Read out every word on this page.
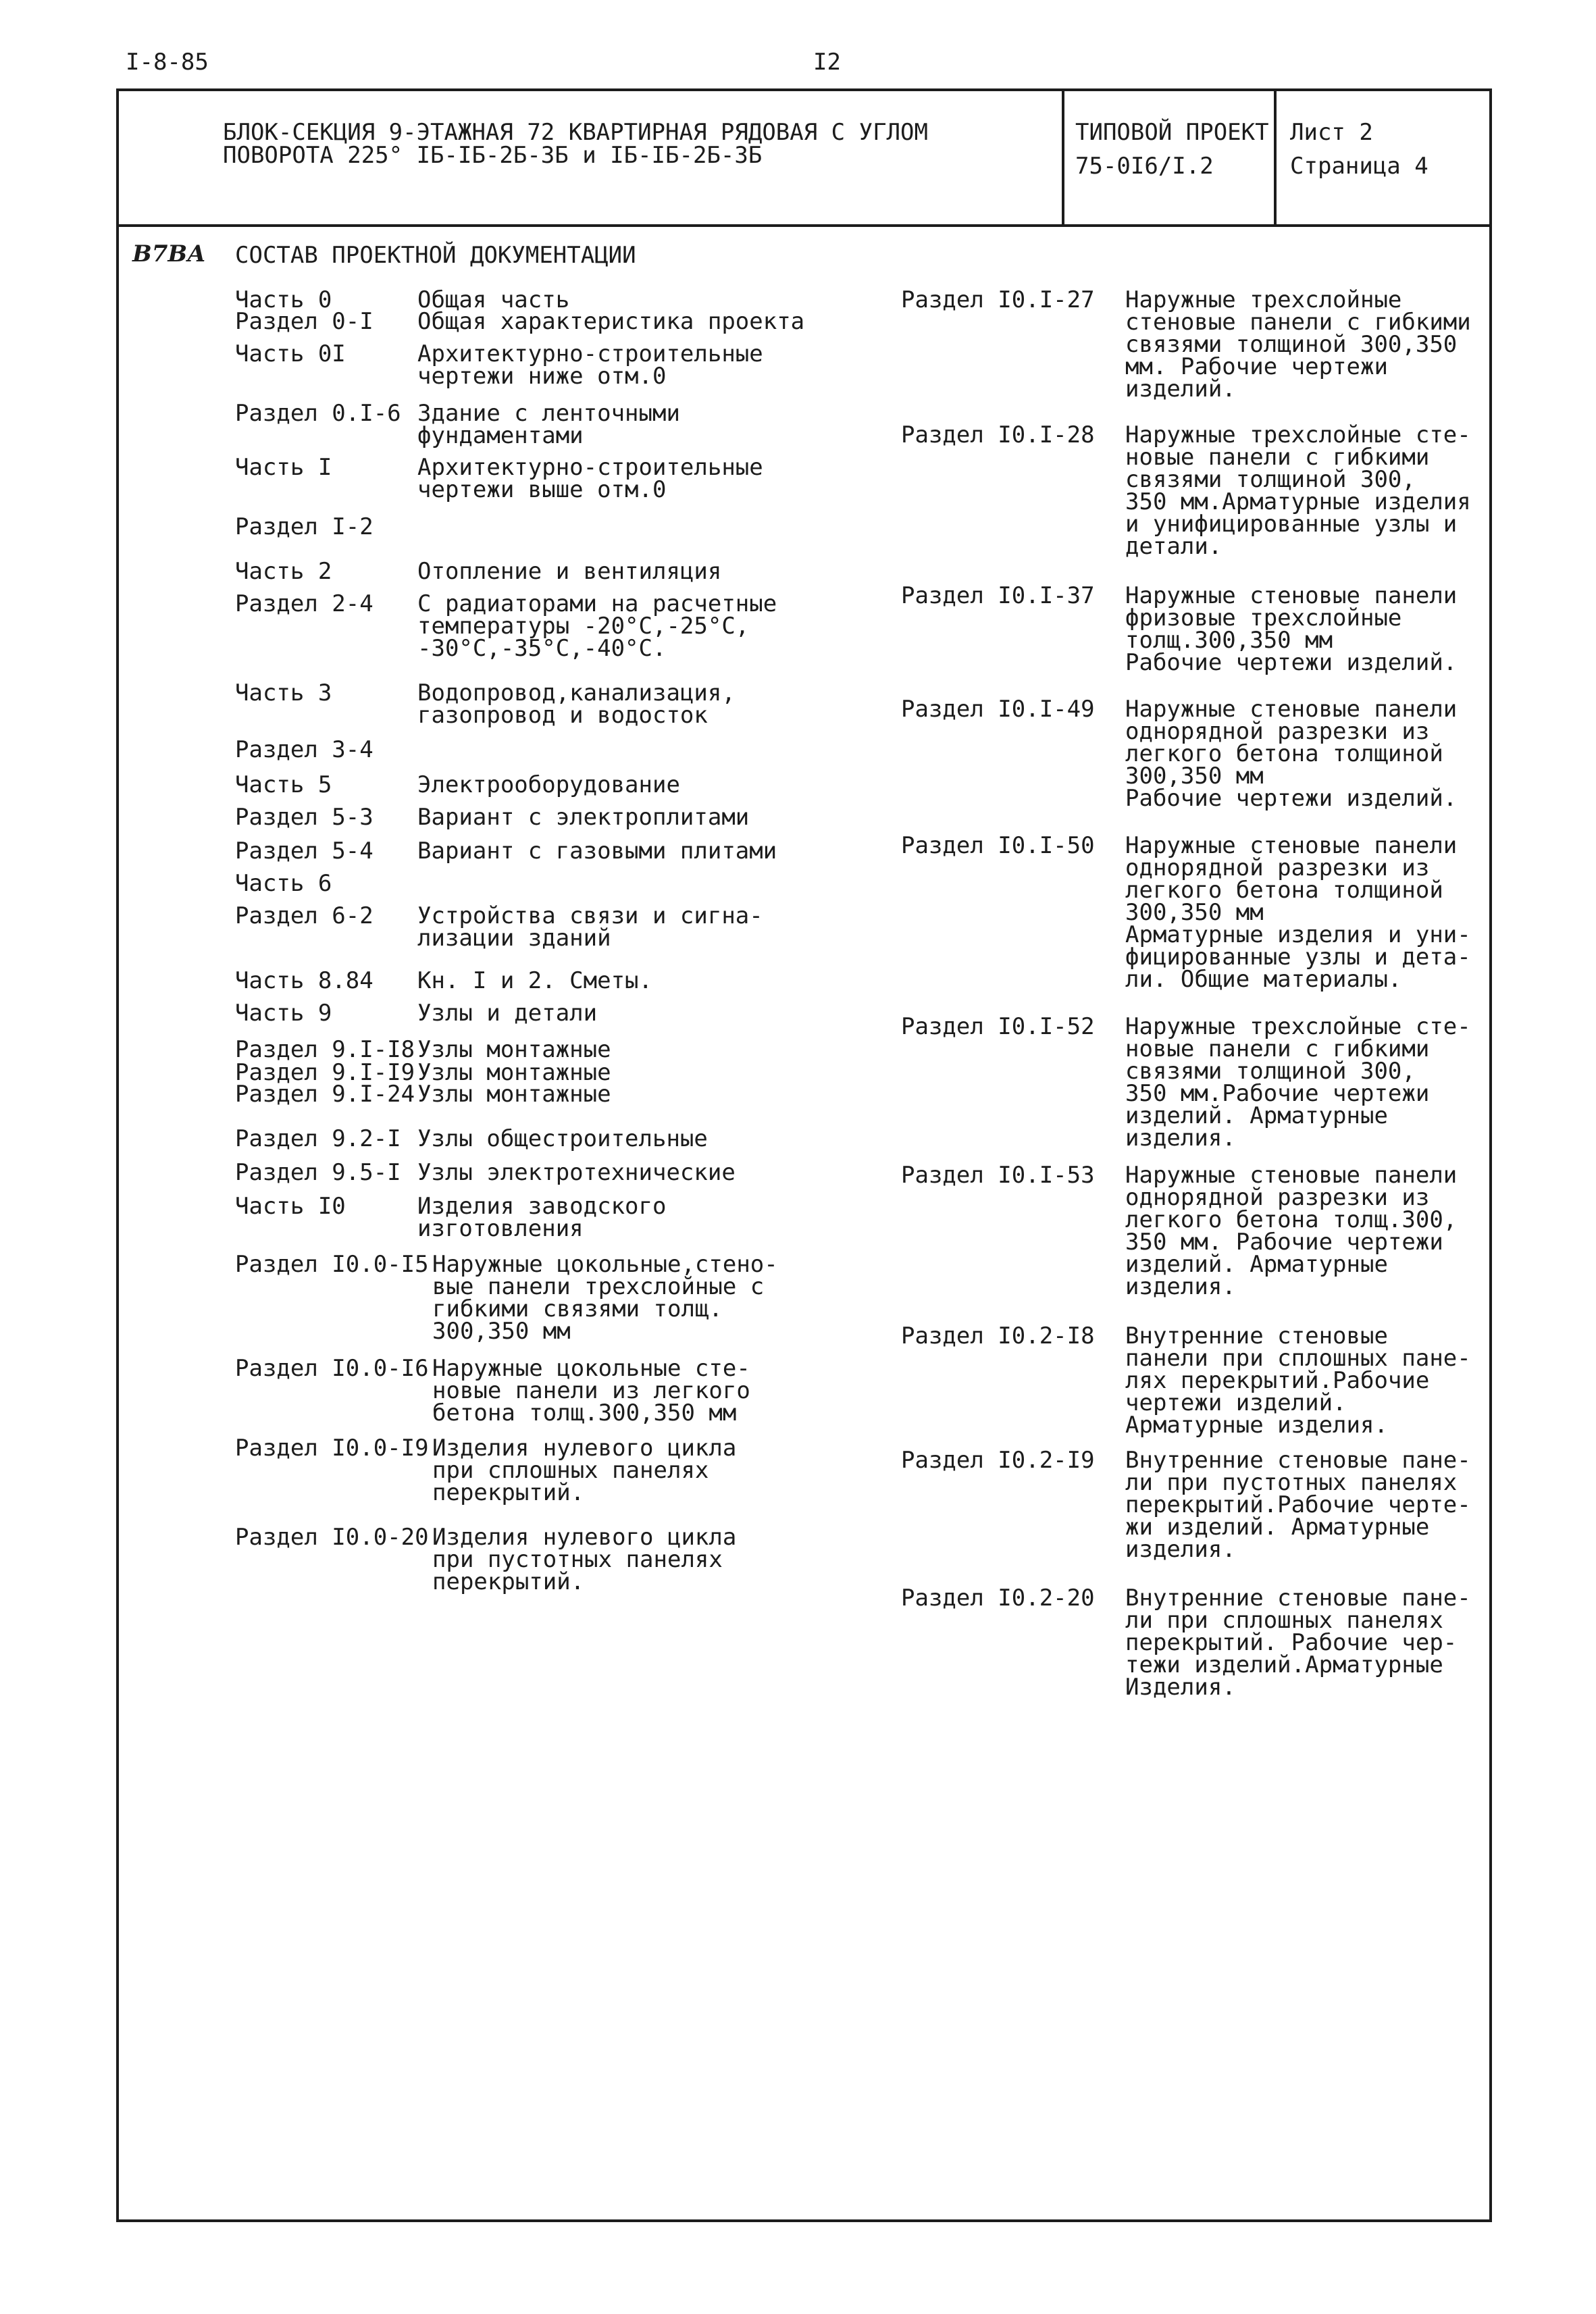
I-8-85	I2
БЛОК-СЕКЦИЯ 9-ЭТАЖНАЯ 72 КВАРТИРНАЯ РЯДОВАЯ С УГЛОМ
ПОВОРОТА 225° IБ-IБ-2Б-3Б и IБ-IБ-2Б-3Б
ТИПОВОЙ ПРОЕКТ
75-0I6/I.2
Лист 2
Страница 4
В7ВА СОСТАВ ПРОЕКТНОЙ ДОКУМЕНТАЦИИ
Часть 0	Общая часть
Раздел 0-I Общая характеристика проекта
Часть 0I	Архитектурно-строительные
чертежи ниже отм.0
Раздел 0.I-6 Здание с ленточными
фундаментами
Часть I	Архитектурно-строительные
чертежи выше отм.0
Раздел I-2
Часть 2	Отопление и вентиляция
Раздел 2-4 С радиаторами на расчетные
температуры -20°С,-25°С,
-30°С,-35°С,-40°С.
Часть 3	Водопровод,канализация,
газопровод и водосток
Раздел 3-4
Часть 5	Электрооборудование
Раздел 5-3 Вариант с электроплитами
Раздел 5-4 Вариант с газовыми плитами
Часть 6
Раздел 6-2 Устройства связи и сигна-
лизации зданий
Часть 8.84 Кн. I и 2. Сметы.
Часть 9	Узлы и детали
Раздел 9.I-I8 Узлы монтажные
Раздел 9.I-I9 Узлы монтажные
Раздел 9.I-24 Узлы монтажные
Раздел 9.2-I Узлы общестроительные
Раздел 9.5-I Узлы электротехнические
Часть I0	Изделия заводского
изготовления
Раздел I0.0-I5 Наружные цокольные,стено-
вые панели трехслойные с
гибкими связями толщ.
300,350 мм
Раздел I0.0-I6 Наружные цокольные сте-
новые панели из легкого
бетона толщ.300,350 мм
Раздел I0.0-I9 Изделия нулевого цикла
при сплошных панелях
перекрытий.
Раздел I0.0-20 Изделия нулевого цикла
при пустотных панелях
перекрытий.
Раздел I0.I-27 Наружные трехслойные
стеновые панели с гибкими
связями толщиной 300,350
мм. Рабочие чертежи
изделий.
Раздел I0.I-28 Наружные трехслойные сте-
новые панели с гибкими
связями толщиной 300,
350 мм.Арматурные изделия
и унифицированные узлы и
детали.
Раздел I0.I-37 Наружные стеновые панели
фризовые трехслойные
толщ.300,350 мм
Рабочие чертежи изделий.
Раздел I0.I-49 Наружные стеновые панели
однорядной разрезки из
легкого бетона толщиной
300,350 мм
Рабочие чертежи изделий.
Раздел I0.I-50 Наружные стеновые панели
однорядной разрезки из
легкого бетона толщиной
300,350 мм
Арматурные изделия и уни-
фицированные узлы и дета-
ли. Общие материалы.
Раздел I0.I-52 Наружные трехслойные сте-
новые панели с гибкими
связями толщиной 300,
350 мм.Рабочие чертежи
изделий. Арматурные
изделия.
Раздел I0.I-53 Наружные стеновые панели
однорядной разрезки из
легкого бетона толщ.300,
350 мм. Рабочие чертежи
изделий. Арматурные
изделия.
Раздел I0.2-I8 Внутренние стеновые
панели при сплошных пане-
лях перекрытий.Рабочие
чертежи изделий.
Арматурные изделия.
Раздел I0.2-I9 Внутренние стеновые пане-
ли при пустотных панелях
перекрытий.Рабочие черте-
жи изделий. Арматурные
изделия.
Раздел I0.2-20 Внутренние стеновые пане-
ли при сплошных панелях
перекрытий. Рабочие чер-
тежи изделий.Арматурные
Изделия.
